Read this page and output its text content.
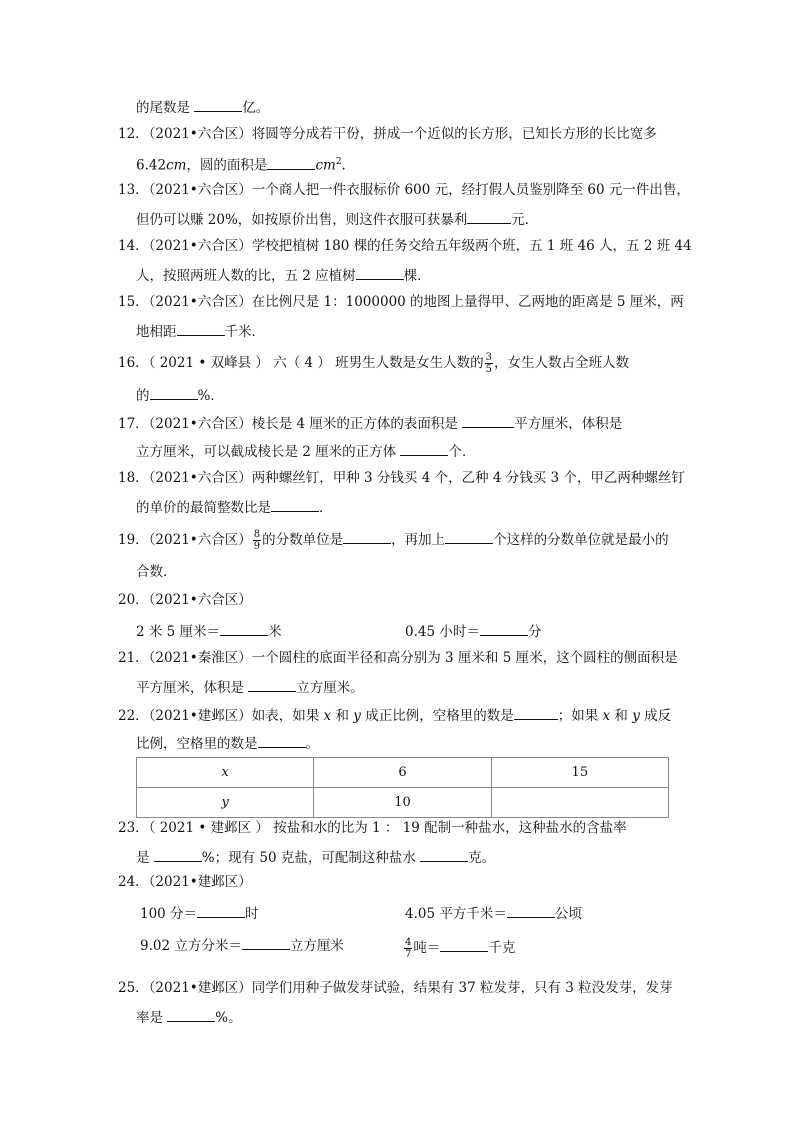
的尾数是	亿。
12．（2021•六合区）将圆等分成若干份，拼成一个近似的长方形，已知长方形的长比宽多
6.42cm，圆的面积是	$cm^2$．
13．（2021•六合区）一个商人把一件衣服标价 600 元，经打假人员鉴别降至 60 元一件出售，
但仍可以赚 20%，如按原价出售，则这件衣服可获暴利	元．
14．（2021•六合区）学校把植树 180 棵的任务交给五年级两个班，五 1 班 46 人，五 2 班 44
人，按照两班人数的比，五 2 应植树	棵．
15．（2021•六合区）在比例尺是 1：1000000 的地图上量得甲、乙两地的距离是 5 厘米，两
地相距	千米．
16．（ 2021 • 双峰县 ） 六（ 4 ） 班男生人数是女生人数的 $\frac{3}{5}$ ，女生人数占全班人数
的	%．
17．（2021•六合区）棱长是 4 厘米的正方体的表面积是	平方厘米，体积是
立方厘米，可以截成棱长是 2 厘米的正方体	个．
18．（2021•六合区）两种螺丝钉，甲种 3 分钱买 4 个，乙种 4 分钱买 3 个，甲乙两种螺丝钉
的单价的最简整数比是	．
19．（2021•六合区） $\frac{8}{9}$ 的分数单位是	，再加上	个这样的分数单位就是最小的
合数．
20．（2021•六合区）
2 米 5 厘米＝	米	0.45 小时＝	分
21．（2021•秦淮区）一个圆柱的底面半径和高分别为 3 厘米和 5 厘米，这个圆柱的侧面积是
平方厘米，体积是	立方厘米。
22．（2021•建邺区）如表，如果 x 和 y 成正比例，空格里的数是	；如果 x 和 y 成反
比例，空格里的数是	。
x	6	15
y	10	
23．（ 2021 • 建邺区 ） 按盐和水的比为 1 ： 19 配制一种盐水，这种盐水的含盐率
是	%；现有 50 克盐，可配制这种盐水	克。
24．（2021•建邺区）
100 分＝	时	4.05 平方千米＝	公顷
9.02 立方分米＝	立方厘米	$\frac{4}{7}$ 吨＝	千克
25．（2021•建邺区）同学们用种子做发芽试验，结果有 37 粒发芽，只有 3 粒没发芽，发芽
率是	%。
